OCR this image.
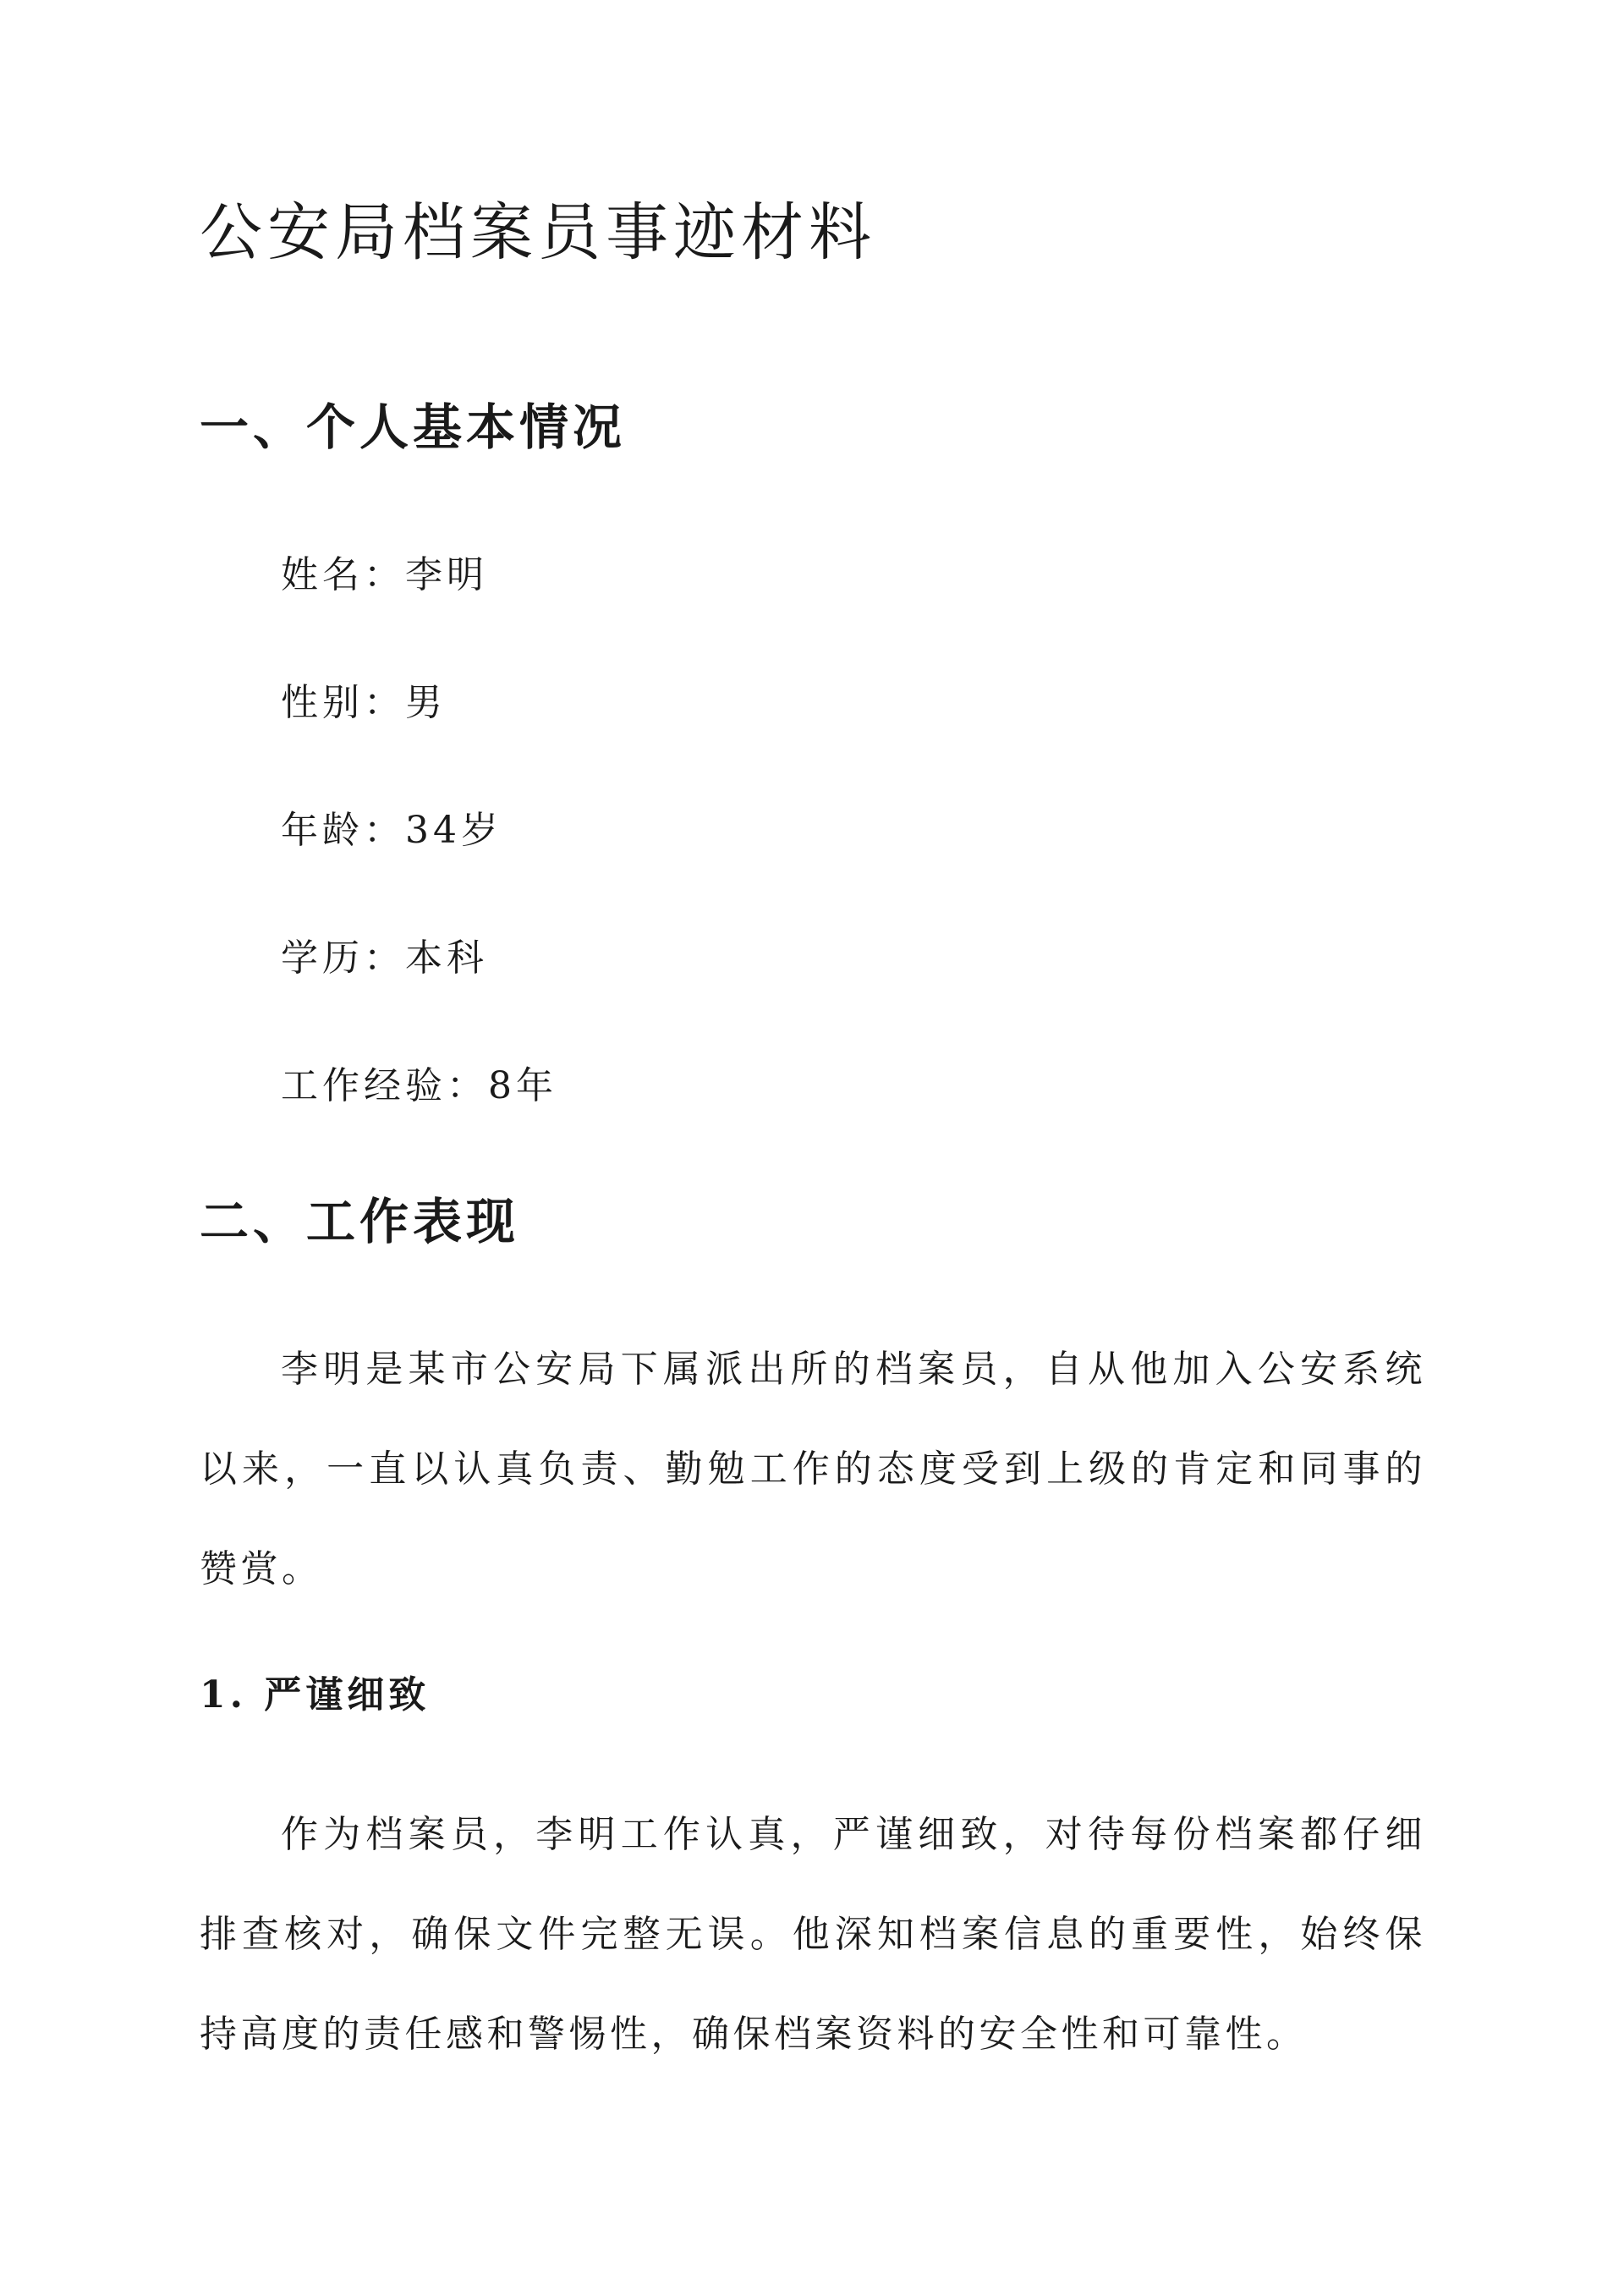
公安局档案员事迹材料
一、个人基本情况

姓名：李明

性别：男

年龄：34岁

学历：本科

工作经验：8年

二、工作表现

李明是某市公安局下属派出所的档案员，自从他加入公安系统以来，一直以认真负责、勤勉工作的态度受到上级的肯定和同事的赞赏。

1. 严谨细致

作为档案员，李明工作认真，严谨细致，对待每份档案都仔细排查核对，确保文件完整无误。他深知档案信息的重要性，始终保持高度的责任感和警惕性，确保档案资料的安全性和可靠性。
